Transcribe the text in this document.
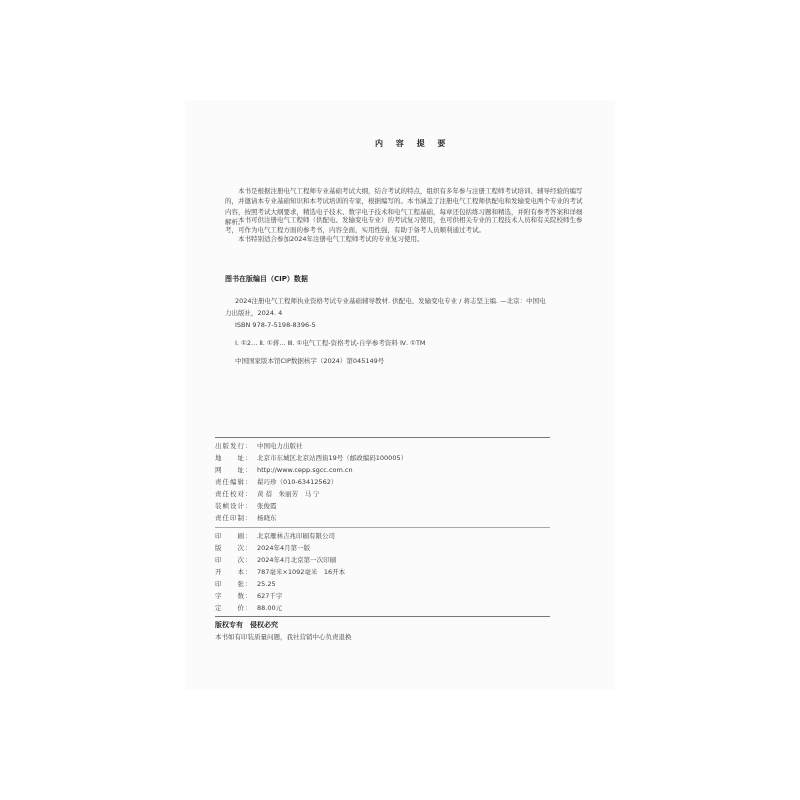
内 容 提 要
本书是根据注册电气工程师专业基础考试大纲，结合考试的特点，组织有多年参与注册工程师考试培训、辅导经验的编写的，并邀请本专业基础知识和本考试培训的专家，根据编写的。本书涵盖了注册电气工程师供配电和发输变电两个专业的考试内容，按照考试大纲要求，精选电子技术、数字电子技术和电气工程基础，每章还包括练习题和精选，并附有参考答案和详细解析。
本书可供注册电气工程师（供配电、发输变电专业）的考试复习使用，也可供相关专业的工程技术人员和有关院校师生参考，可作为电气工程方面的参考书，内容全面，实用性强，有助于备考人员顺利通过考试。
本书特别适合参加2024年注册电气工程师考试的专业复习使用。
图书在版编目（CIP）数据
2024注册电气工程师执业资格考试专业基础辅导教材. 供配电、发输变电专业 / 蒋志坚主编. —北京：中国电
力出版社，2024. 4
ISBN 978-7-5198-8396-5
Ⅰ. ①2… Ⅱ. ①蒋… Ⅲ. ①电气工程-资格考试-自学参考资料 Ⅳ. ①TM
中国国家版本馆CIP数据核字（2024）第045149号
出版发行： 中国电力出版社
地　　址： 北京市东城区北京站西街19号（邮政编码100005）
网　　址： http://www.cepp.sgcc.com.cn
责任编辑： 翟巧珍（010-63412562）
责任校对： 黄 蓓　朱丽芳　马 宁
装帧设计： 张俊霞
责任印制： 杨晓东
印　　刷： 北京雁林吉兆印刷有限公司
版　　次： 2024年4月第一版
印　　次： 2024年4月北京第一次印刷
开　　本： 787毫米×1092毫米　16开本
印　　张： 25.25
字　　数： 627千字
定　　价： 88.00元
版权专有　侵权必究
本书如有印装质量问题，我社营销中心负责退换
